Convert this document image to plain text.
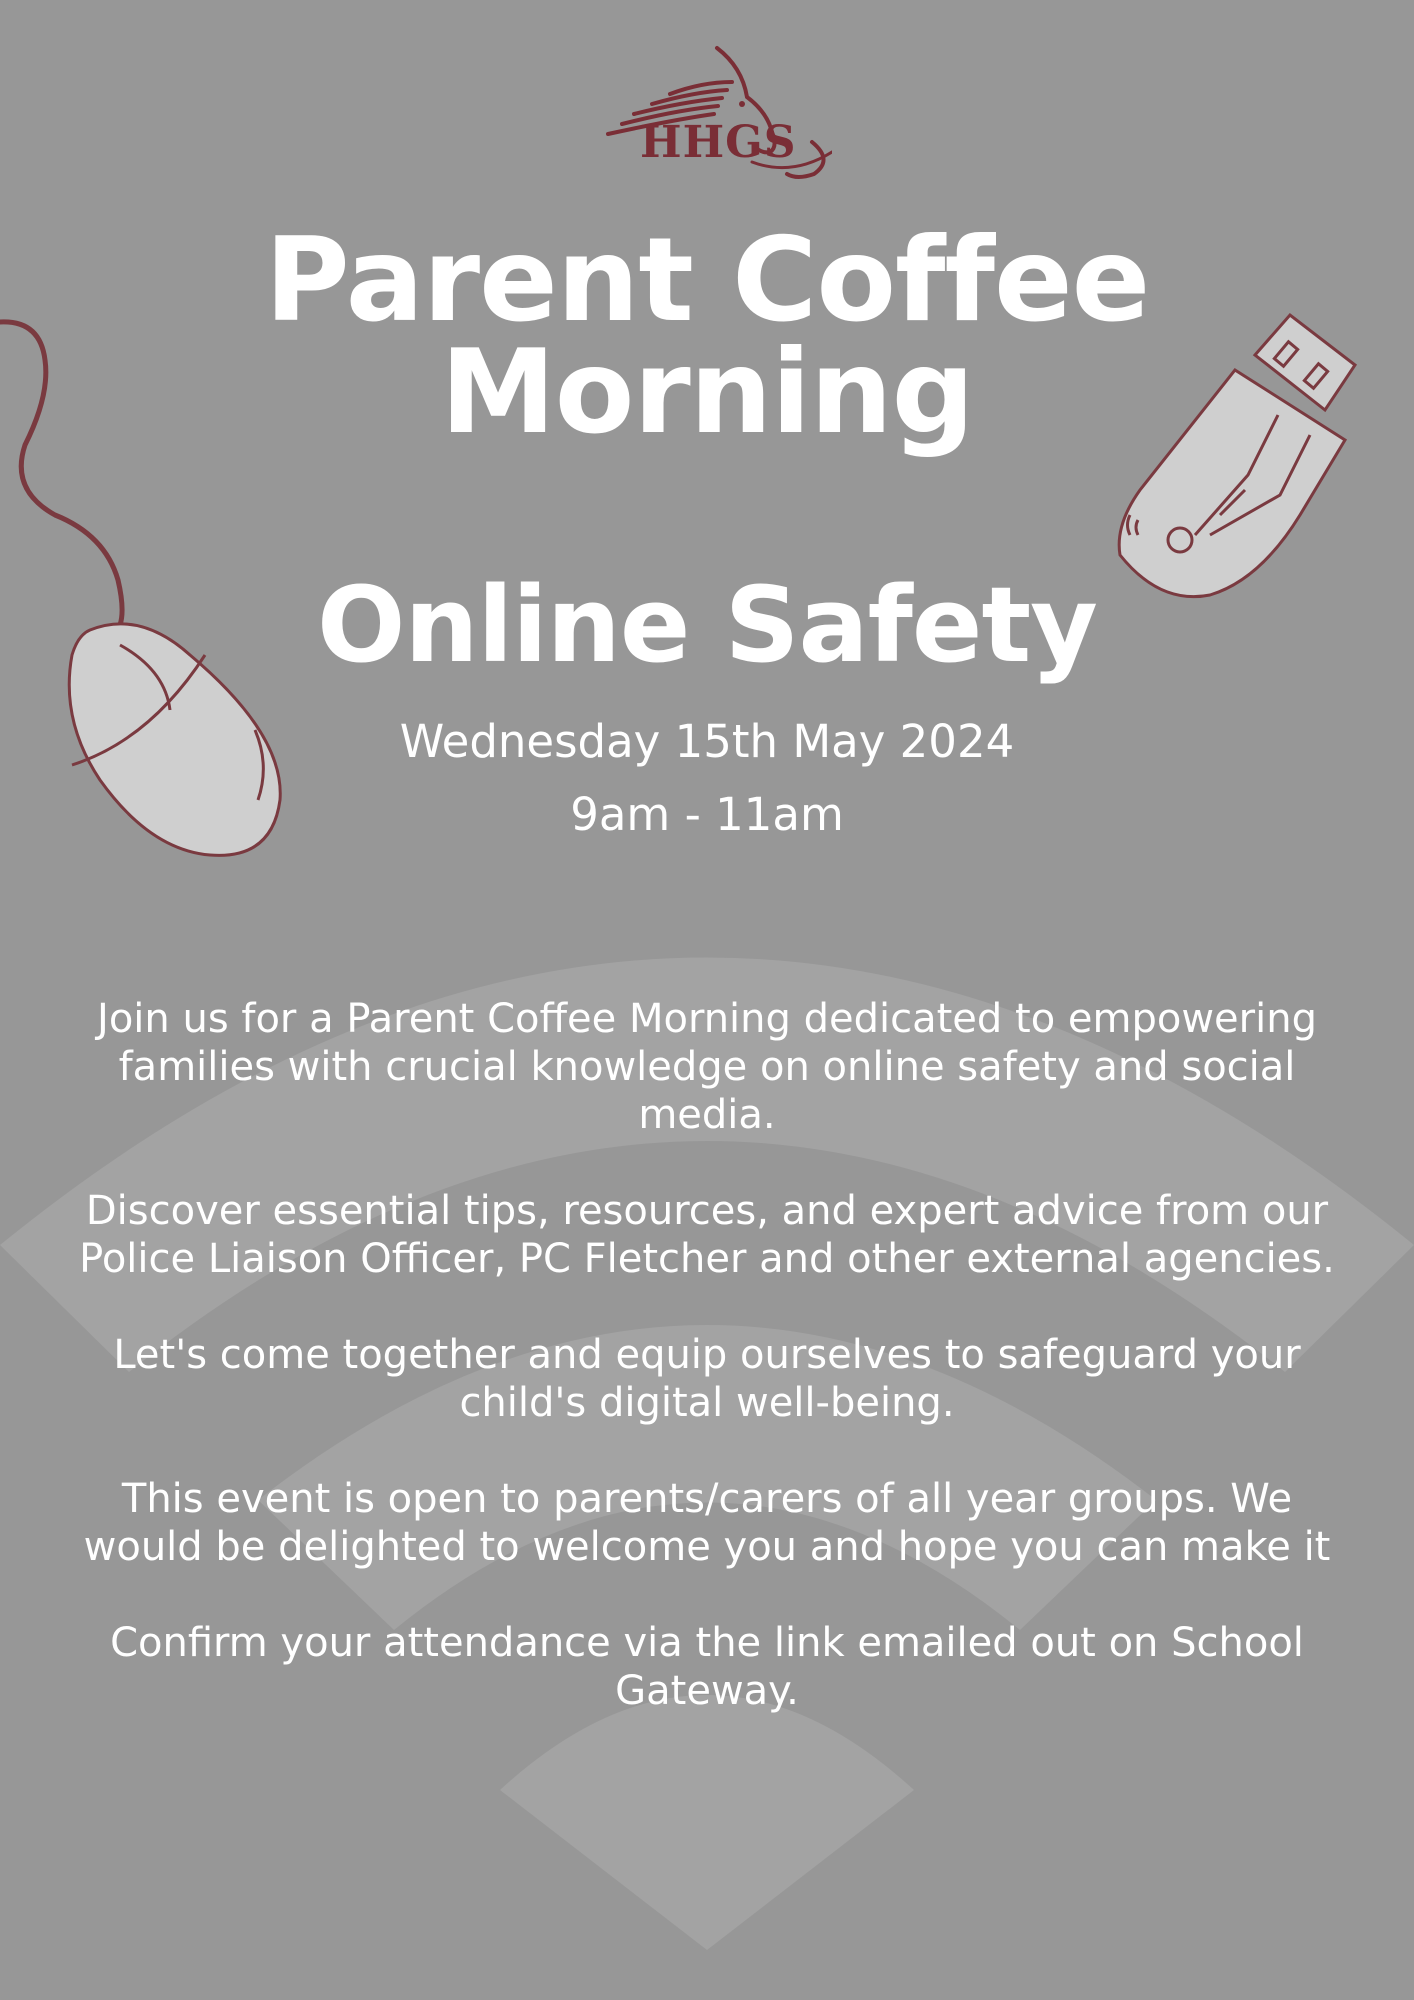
HHGS
Parent Coffee Morning
Online Safety
Wednesday 15th May 2024
9am - 11am

Join us for a Parent Coffee Morning dedicated to empowering families with crucial knowledge on online safety and social media.

Discover essential tips, resources, and expert advice from our Police Liaison Officer, PC Fletcher and other external agencies.

Let's come together and equip ourselves to safeguard your child's digital well-being.

This event is open to parents/carers of all year groups. We would be delighted to welcome you and hope you can make it

Confirm your attendance via the link emailed out on School Gateway.
